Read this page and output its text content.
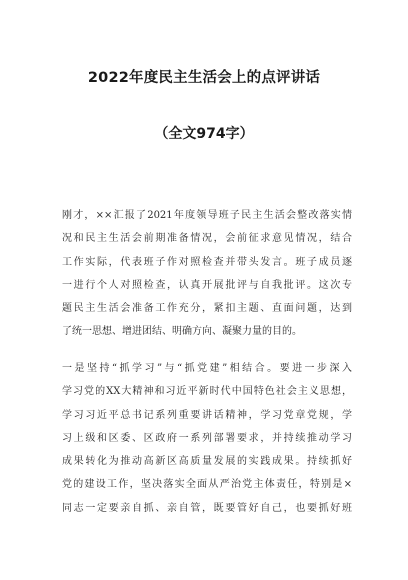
2022年度民主生活会上的点评讲话
（全文974字）
刚才，××汇报了2021年度领导班子民主生活会整改落实情
况和民主生活会前期准备情况，会前征求意见情况，结合
工作实际，代表班子作对照检查并带头发言。班子成员逐
一进行个人对照检查，认真开展批评与自我批评。这次专
题民主生活会准备工作充分，紧扣主题、直面问题，达到
了统一思想、增进团结、明确方向、凝聚力量的目的。
一是坚持“抓学习”与“抓党建”相结合。要进一步深入
学习党的XX大精神和习近平新时代中国特色社会主义思想，
学习习近平总书记系列重要讲话精神，学习党章党规，学
习上级和区委、区政府一系列部署要求，并持续推动学习
成果转化为推动高新区高质量发展的实践成果。持续抓好
党的建设工作，坚决落实全面从严治党主体责任，特别是×
同志一定要亲自抓、亲自管，既要管好自己，也要抓好班
